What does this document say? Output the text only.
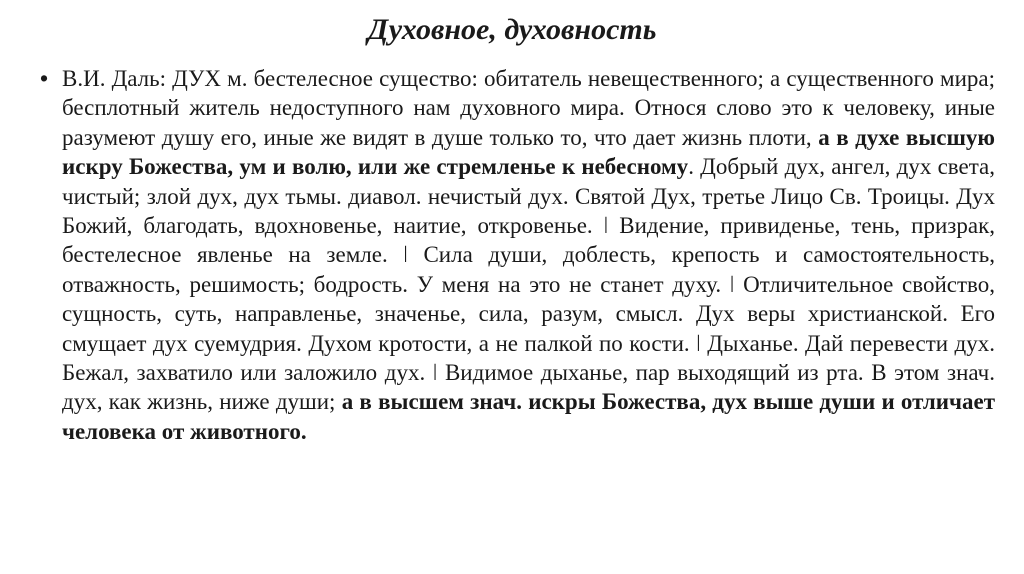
Духовное, духовность
• В.И. Даль: ДУХ м. бестелесное существо: обитатель невещественного; а существенного мира; бесплотный житель недоступного нам духовного мира. Относя слово это к человеку, иные разумеют душу его, иные же видят в душе только то, что дает жизнь плоти, а в духе высшую искру Божества, ум и волю, или же стремленье к небесному. Добрый дух, ангел, дух света, чистый; злой дух, дух тьмы. диавол. нечистый дух. Святой Дух, третье Лицо Св. Троицы. Дух Божий, благодать, вдохновенье, наитие, откровенье. ǀ Видение, привиденье, тень, призрак, бестелесное явленье на земле. ǀ Сила души, доблесть, крепость и самостоятельность, отважность, решимость; бодрость. У меня на это не станет духу. ǀ Отличительное свойство, сущность, суть, направленье, значенье, сила, разум, смысл. Дух веры христианской. Его смущает дух суемудрия. Духом кротости, а не палкой по кости. ǀ Дыханье. Дай перевести дух. Бежал, захватило или заложило дух. ǀ Видимое дыханье, пар выходящий из рта. В этом знач. дух, как жизнь, ниже души; а в высшем знач. искры Божества, дух выше души и отличает человека от животного.
